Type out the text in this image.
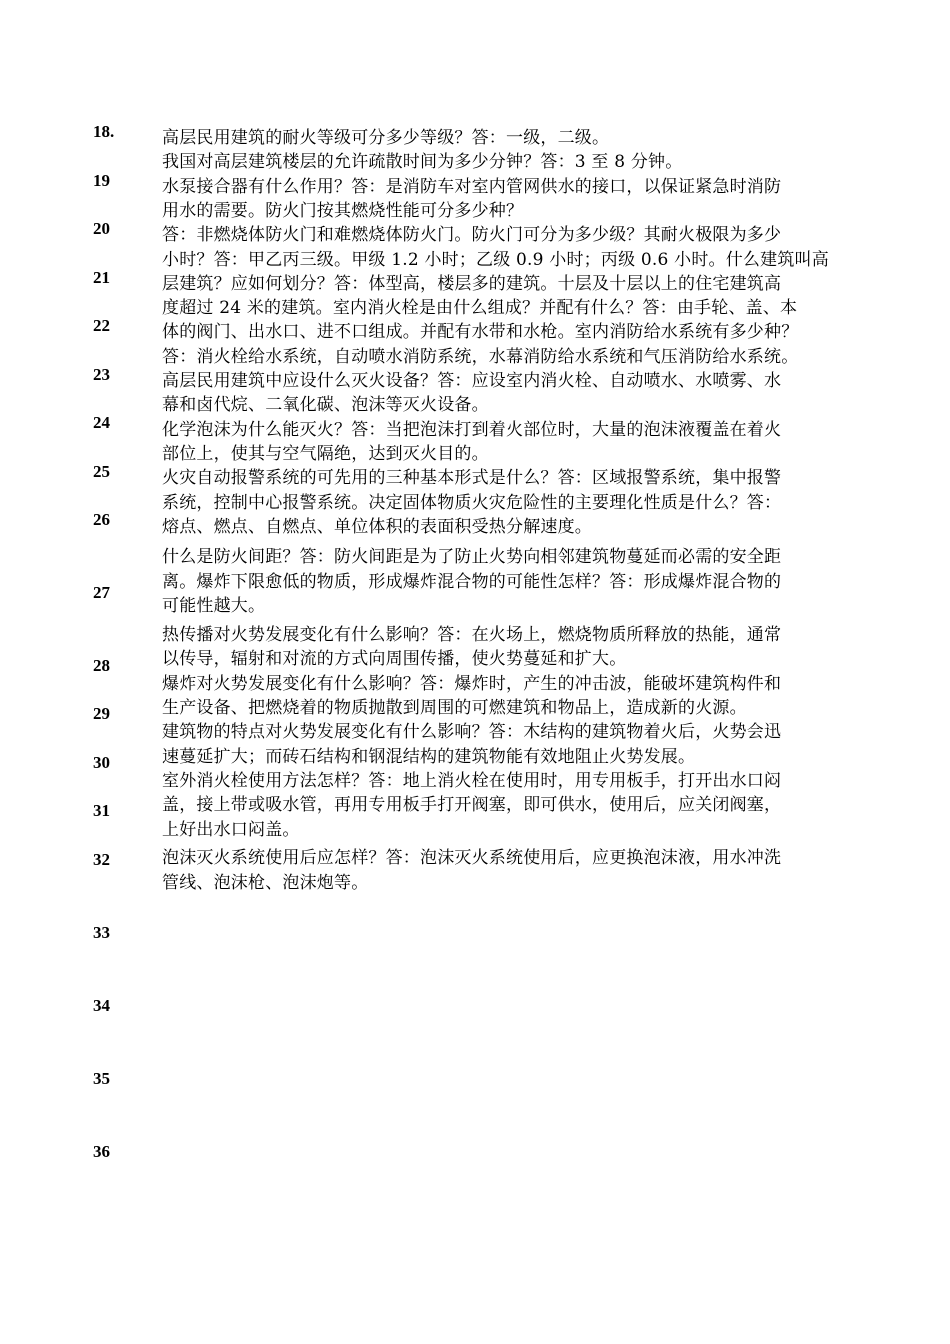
18.
19
20
21
22
23
24
25
26
27
28
29
30
31
32
33
34
35
36
高层民用建筑的耐火等级可分多少等级？答：一级，二级。
我国对高层建筑楼层的允许疏散时间为多少分钟？答：3 至 8 分钟。
水泵接合器有什么作用？答：是消防车对室内管网供水的接口，以保证紧急时消防
用水的需要。防火门按其燃烧性能可分多少种？
答：非燃烧体防火门和难燃烧体防火门。防火门可分为多少级？其耐火极限为多少
小时？答：甲乙丙三级。甲级 1.2 小时；乙级 0.9 小时；丙级 0.6 小时。什么建筑叫高
层建筑？应如何划分？答：体型高，楼层多的建筑。十层及十层以上的住宅建筑高
度超过 24 米的建筑。室内消火栓是由什么组成？并配有什么？答：由手轮、盖、本
体的阀门、出水口、进不口组成。并配有水带和水枪。室内消防给水系统有多少种？
答：消火栓给水系统，自动喷水消防系统，水幕消防给水系统和气压消防给水系统。
高层民用建筑中应设什么灭火设备？答：应设室内消火栓、自动喷水、水喷雾、水
幕和卤代烷、二氧化碳、泡沫等灭火设备。
化学泡沫为什么能灭火？答：当把泡沫打到着火部位时，大量的泡沫液覆盖在着火
部位上，使其与空气隔绝，达到灭火目的。
火灾自动报警系统的可先用的三种基本形式是什么？答：区域报警系统，集中报警
系统，控制中心报警系统。决定固体物质火灾危险性的主要理化性质是什么？答：
熔点、燃点、自燃点、单位体积的表面积受热分解速度。
什么是防火间距？答：防火间距是为了防止火势向相邻建筑物蔓延而必需的安全距
离。爆炸下限愈低的物质，形成爆炸混合物的可能性怎样？答：形成爆炸混合物的
可能性越大。
热传播对火势发展变化有什么影响？答：在火场上，燃烧物质所释放的热能，通常
以传导，辐射和对流的方式向周围传播，使火势蔓延和扩大。
爆炸对火势发展变化有什么影响？答：爆炸时，产生的冲击波，能破坏建筑构件和
生产设备、把燃烧着的物质抛散到周围的可燃建筑和物品上，造成新的火源。
建筑物的特点对火势发展变化有什么影响？答：木结构的建筑物着火后，火势会迅
速蔓延扩大；而砖石结构和钢混结构的建筑物能有效地阻止火势发展。
室外消火栓使用方法怎样？答：地上消火栓在使用时，用专用板手，打开出水口闷
盖，接上带或吸水管，再用专用板手打开阀塞，即可供水，使用后，应关闭阀塞，
上好出水口闷盖。
泡沫灭火系统使用后应怎样？答：泡沫灭火系统使用后，应更换泡沫液，用水冲洗
管线、泡沫枪、泡沫炮等。
